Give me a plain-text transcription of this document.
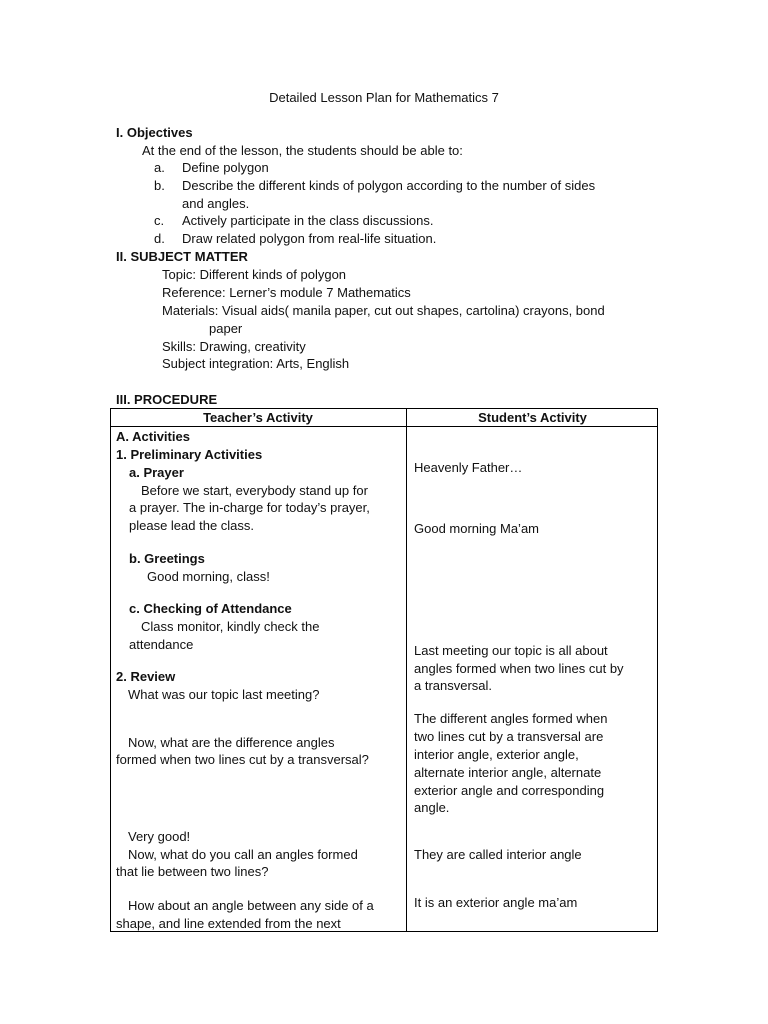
Detailed Lesson Plan for Mathematics 7
I. Objectives
At the end of the lesson, the students should be able to:
a. Define polygon
b. Describe the different kinds of polygon according to the number of sides
and angles.
c. Actively participate in the class discussions.
d. Draw related polygon from real-life situation.
II. SUBJECT MATTER
Topic: Different kinds of polygon
Reference: Lerner’s module 7 Mathematics
Materials: Visual aids( manila paper, cut out shapes, cartolina) crayons, bond
paper
Skills: Drawing, creativity
Subject integration: Arts, English
III. PROCEDURE
Teacher’s Activity	Student’s Activity
A. Activities
1. Preliminary Activities
a. Prayer
Before we start, everybody stand up for
a prayer. The in-charge for today’s prayer,
please lead the class.
b. Greetings
Good morning, class!
c. Checking of Attendance
Class monitor, kindly check the
attendance
2. Review
What was our topic last meeting?
Now, what are the difference angles
formed when two lines cut by a transversal?
Very good!
Now, what do you call an angles formed
that lie between two lines?
How about an angle between any side of a
shape, and line extended from the next
Heavenly Father…
Good morning Ma’am
Last meeting our topic is all about
angles formed when two lines cut by
a transversal.
The different angles formed when
two lines cut by a transversal are
interior angle, exterior angle,
alternate interior angle, alternate
exterior angle and corresponding
angle.
They are called interior angle
It is an exterior angle ma’am
